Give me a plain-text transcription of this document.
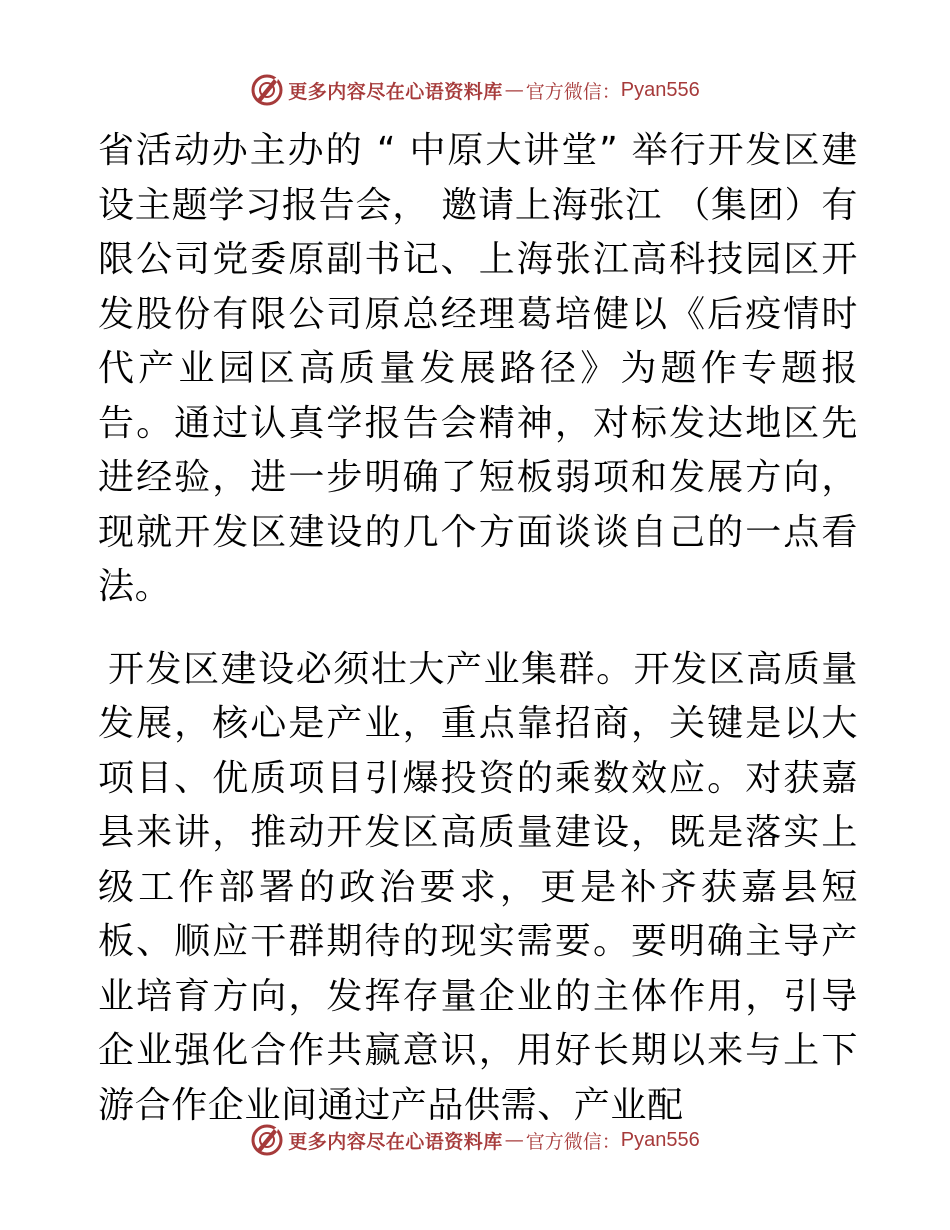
更多内容尽在心语资料库 — 官方微信： Pyan556

省活动办主办的 “ 中原大讲堂” 举行开发区建设主题学习报告会， 邀请上海张江 （集团）有限公司党委原副书记、上海张江高科技园区开发股份有限公司原总经理葛培健以《后疫情时代产业园区高质量发展路径》为题作专题报告。通过认真学报告会精神，对标发达地区先进经验，进一步明确了短板弱项和发展方向，现就开发区建设的几个方面谈谈自己的一点看法。

开发区建设必须壮大产业集群。开发区高质量发展，核心是产业，重点靠招商，关键是以大项目、优质项目引爆投资的乘数效应。对获嘉县来讲，推动开发区高质量建设，既是落实上级工作部署的政治要求，更是补齐获嘉县短板、顺应干群期待的现实需要。要明确主导产业培育方向，发挥存量企业的主体作用，引导企业强化合作共赢意识，用好长期以来与上下游合作企业间通过产品供需、产业配

更多内容尽在心语资料库 — 官方微信： Pyan556
